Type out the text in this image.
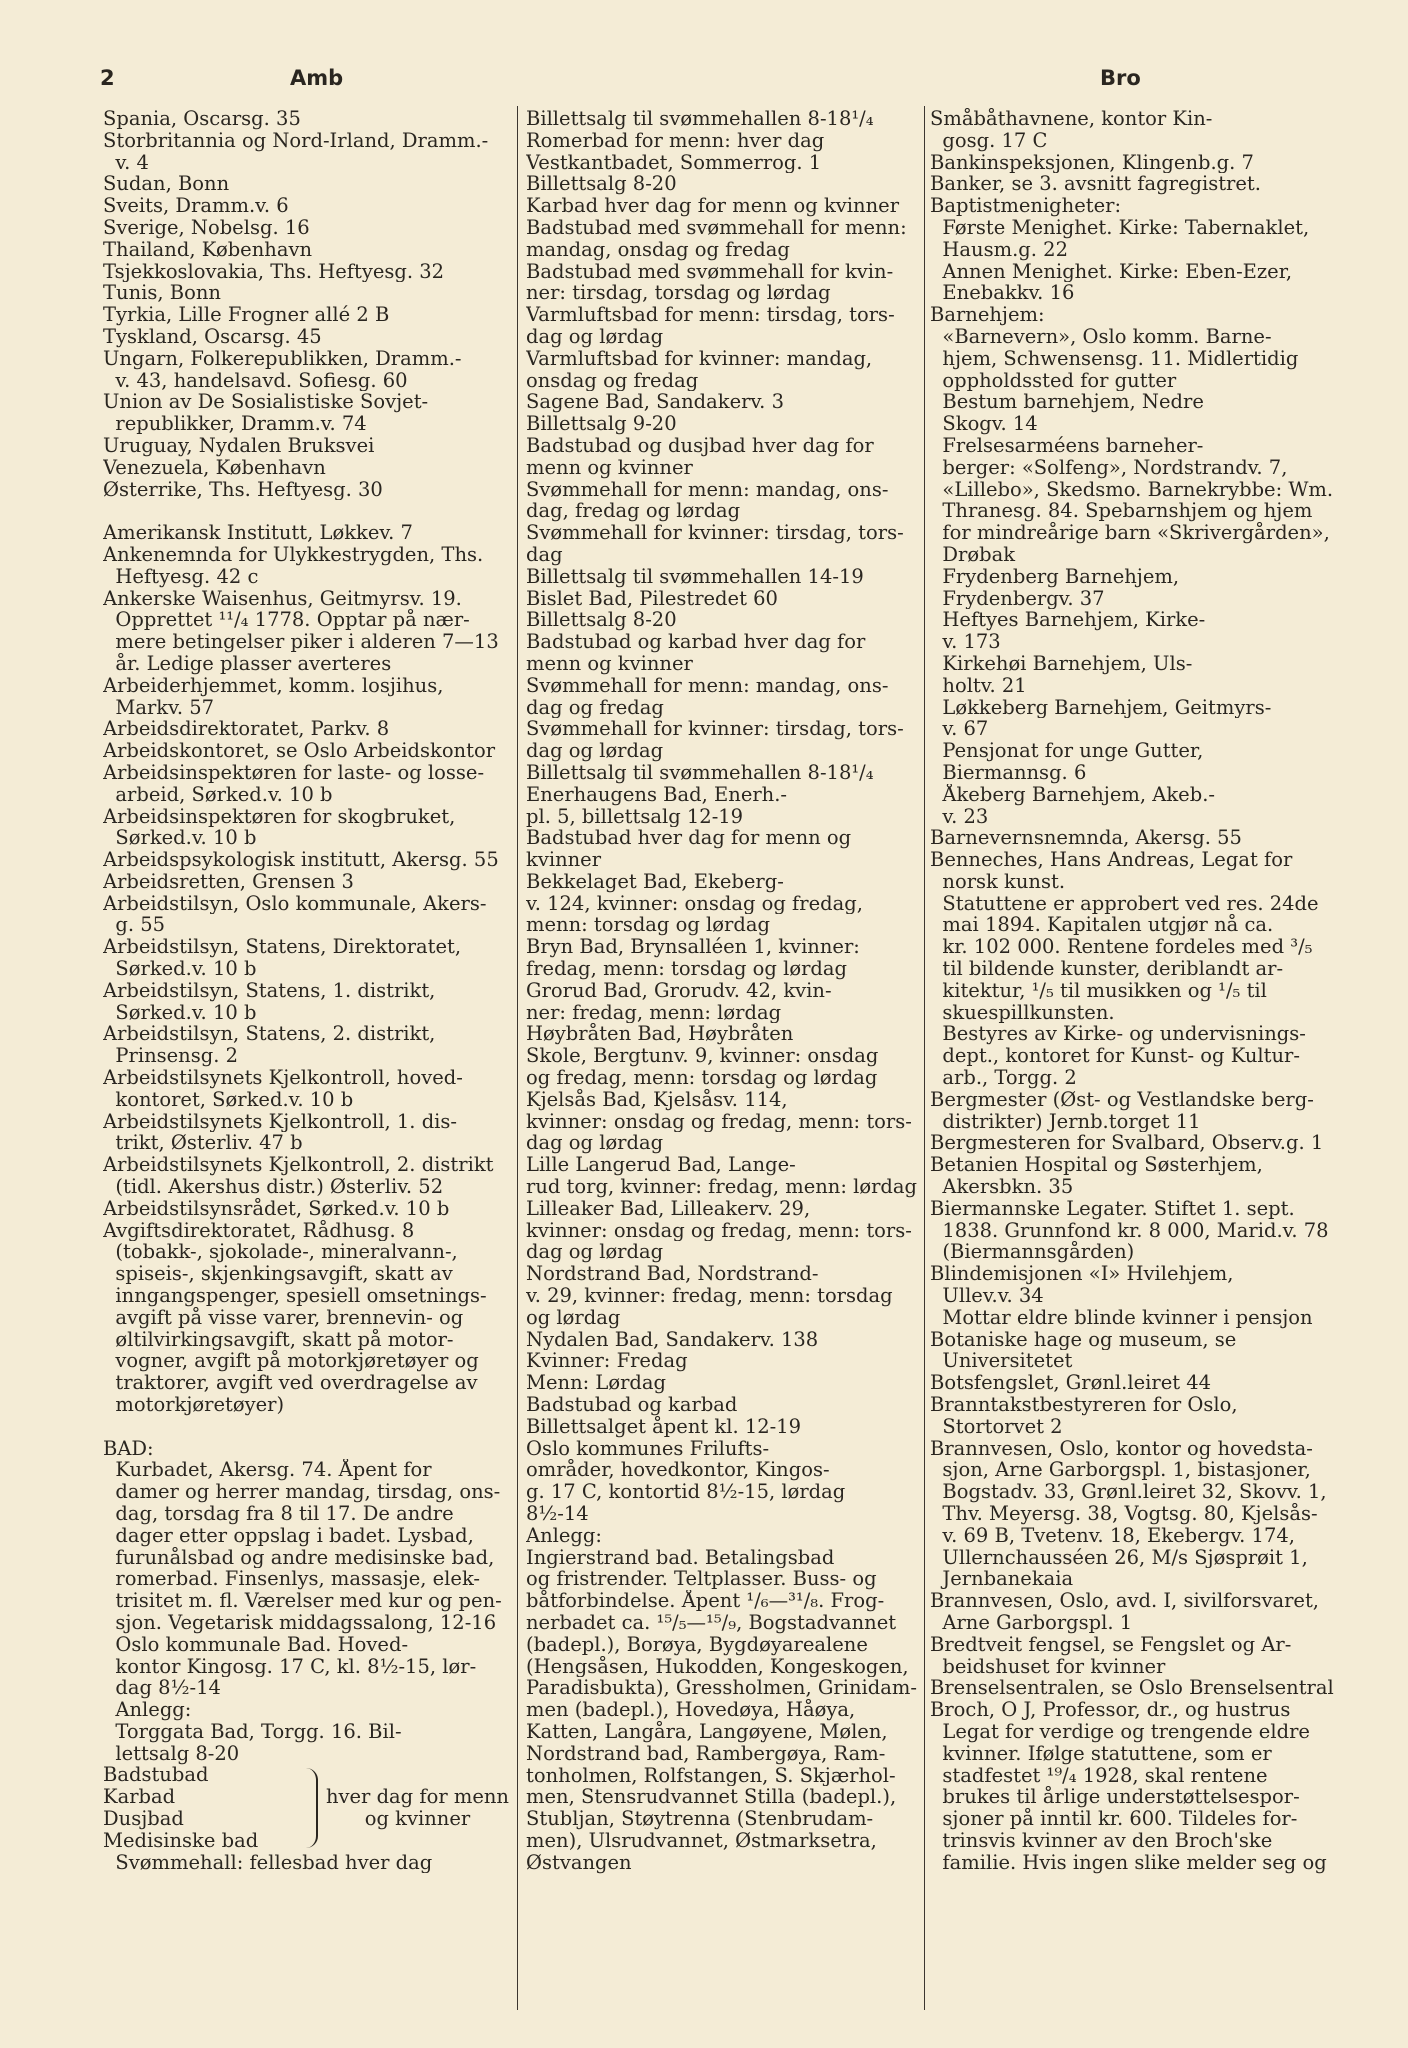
2	Amb	Bro
Spania, Oscarsg. 35
Storbritannia og Nord-Irland, Dramm.-
v. 4
Sudan, Bonn
Sveits, Dramm.v. 6
Sverige, Nobelsg. 16
Thailand, København
Tsjekkoslovakia, Ths. Heftyesg. 32
Tunis, Bonn
Tyrkia, Lille Frogner allé 2 B
Tyskland, Oscarsg. 45
Ungarn, Folkerepublikken, Dramm.-
v. 43, handelsavd. Sofiesg. 60
Union av De Sosialistiske Sovjet-
republikker, Dramm.v. 74
Uruguay, Nydalen Bruksvei
Venezuela, København
Østerrike, Ths. Heftyesg. 30
Amerikansk Institutt, Løkkev. 7
Ankenemnda for Ulykkestrygden, Ths.
Heftyesg. 42 c
Ankerske Waisenhus, Geitmyrsv. 19.
Opprettet ¹¹/₄ 1778. Opptar på nær-
mere betingelser piker i alderen 7—13
år. Ledige plasser averteres
Arbeiderhjemmet, komm. losjihus,
Markv. 57
Arbeidsdirektoratet, Parkv. 8
Arbeidskontoret, se Oslo Arbeidskontor
Arbeidsinspektøren for laste- og losse-
arbeid, Sørked.v. 10 b
Arbeidsinspektøren for skogbruket,
Sørked.v. 10 b
Arbeidspsykologisk institutt, Akersg. 55
Arbeidsretten, Grensen 3
Arbeidstilsyn, Oslo kommunale, Akers-
g. 55
Arbeidstilsyn, Statens, Direktoratet,
Sørked.v. 10 b
Arbeidstilsyn, Statens, 1. distrikt,
Sørked.v. 10 b
Arbeidstilsyn, Statens, 2. distrikt,
Prinsensg. 2
Arbeidstilsynets Kjelkontroll, hoved-
kontoret, Sørked.v. 10 b
Arbeidstilsynets Kjelkontroll, 1. dis-
trikt, Østerliv. 47 b
Arbeidstilsynets Kjelkontroll, 2. distrikt
(tidl. Akershus distr.) Østerliv. 52
Arbeidstilsynsrådet, Sørked.v. 10 b
Avgiftsdirektoratet, Rådhusg. 8
(tobakk-, sjokolade-, mineralvann-,
spiseis-, skjenkingsavgift, skatt av
inngangspenger, spesiell omsetnings-
avgift på visse varer, brennevin- og
øltilvirkingsavgift, skatt på motor-
vogner, avgift på motorkjøretøyer og
traktorer, avgift ved overdragelse av
motorkjøretøyer)
BAD:
Kurbadet, Akersg. 74. Åpent for
damer og herrer mandag, tirsdag, ons-
dag, torsdag fra 8 til 17. De andre
dager etter oppslag i badet. Lysbad,
furunålsbad og andre medisinske bad,
romerbad. Finsenlys, massasje, elek-
trisitet m. fl. Værelser med kur og pen-
sjon. Vegetarisk middagssalong, 12-16
Oslo kommunale Bad. Hoved-
kontor Kingosg. 17 C, kl. 8½-15, lør-
dag 8½-14
Anlegg:
Torggata Bad, Torgg. 16. Bil-
lettsalg 8-20
Badstubad
Karbad
Dusjbad
Medisinske bad
hver dag for menn
og kvinner
Svømmehall: fellesbad hver dag
Billettsalg til svømmehallen 8-18¹/₄
Romerbad for menn: hver dag
Vestkantbadet, Sommerrog. 1
Billettsalg 8-20
Karbad hver dag for menn og kvinner
Badstubad med svømmehall for menn:
mandag, onsdag og fredag
Badstubad med svømmehall for kvin-
ner: tirsdag, torsdag og lørdag
Varmluftsbad for menn: tirsdag, tors-
dag og lørdag
Varmluftsbad for kvinner: mandag,
onsdag og fredag
Sagene Bad, Sandakerv. 3
Billettsalg 9-20
Badstubad og dusjbad hver dag for
menn og kvinner
Svømmehall for menn: mandag, ons-
dag, fredag og lørdag
Svømmehall for kvinner: tirsdag, tors-
dag
Billettsalg til svømmehallen 14-19
Bislet Bad, Pilestredet 60
Billettsalg 8-20
Badstubad og karbad hver dag for
menn og kvinner
Svømmehall for menn: mandag, ons-
dag og fredag
Svømmehall for kvinner: tirsdag, tors-
dag og lørdag
Billettsalg til svømmehallen 8-18¹/₄
Enerhaugens Bad, Enerh.-
pl. 5, billettsalg 12-19
Badstubad hver dag for menn og
kvinner
Bekkelaget Bad, Ekeberg-
v. 124, kvinner: onsdag og fredag,
menn: torsdag og lørdag
Bryn Bad, Brynsalléen 1, kvinner:
fredag, menn: torsdag og lørdag
Grorud Bad, Grorudv. 42, kvin-
ner: fredag, menn: lørdag
Høybråten Bad, Høybråten
Skole, Bergtunv. 9, kvinner: onsdag
og fredag, menn: torsdag og lørdag
Kjelsås Bad, Kjelsåsv. 114,
kvinner: onsdag og fredag, menn: tors-
dag og lørdag
Lille Langerud Bad, Lange-
rud torg, kvinner: fredag, menn: lørdag
Lilleaker Bad, Lilleakerv. 29,
kvinner: onsdag og fredag, menn: tors-
dag og lørdag
Nordstrand Bad, Nordstrand-
v. 29, kvinner: fredag, menn: torsdag
og lørdag
Nydalen Bad, Sandakerv. 138
Kvinner: Fredag
Menn: Lørdag
Badstubad og karbad
Billettsalget åpent kl. 12-19
Oslo kommunes Frilufts-
områder, hovedkontor, Kingos-
g. 17 C, kontortid 8½-15, lørdag
8½-14
Anlegg:
Ingierstrand bad. Betalingsbad
og fristrender. Teltplasser. Buss- og
båtforbindelse. Åpent ¹/₆—³¹/₈. Frog-
nerbadet ca. ¹⁵/₅—¹⁵/₉, Bogstadvannet
(badepl.), Borøya, Bygdøyarealene
(Hengsåsen, Hukodden, Kongeskogen,
Paradisbukta), Gressholmen, Grinidam-
men (badepl.), Hovedøya, Håøya,
Katten, Langåra, Langøyene, Mølen,
Nordstrand bad, Rambergøya, Ram-
tonholmen, Rolfstangen, S. Skjærhol-
men, Stensrudvannet Stilla (badepl.),
Stubljan, Støytrenna (Stenbrudam-
men), Ulsrudvannet, Østmarksetra,
Østvangen
Småbåthavnene, kontor Kin-
gosg. 17 C
Bankinspeksjonen, Klingenb.g. 7
Banker, se 3. avsnitt fagregistret.
Baptistmenigheter:
Første Menighet. Kirke: Tabernaklet,
Hausm.g. 22
Annen Menighet. Kirke: Eben-Ezer,
Enebakkv. 16
Barnehjem:
«Barnevern», Oslo komm. Barne-
hjem, Schwensensg. 11. Midlertidig
oppholdssted for gutter
Bestum barnehjem, Nedre
Skogv. 14
Frelsesarméens barneher-
berger: «Solfeng», Nordstrandv. 7,
«Lillebo», Skedsmo. Barnekrybbe: Wm.
Thranesg. 84. Spebarnshjem og hjem
for mindreårige barn «Skrivergården»,
Drøbak
Frydenberg Barnehjem,
Frydenbergv. 37
Heftyes Barnehjem, Kirke-
v. 173
Kirkehøi Barnehjem, Uls-
holtv. 21
Løkkeberg Barnehjem, Geitmyrs-
v. 67
Pensjonat for unge Gutter,
Biermannsg. 6
Åkeberg Barnehjem, Akeb.-
v. 23
Barnevernsnemnda, Akersg. 55
Benneches, Hans Andreas, Legat for
norsk kunst.
Statuttene er approbert ved res. 24de
mai 1894. Kapitalen utgjør nå ca.
kr. 102 000. Rentene fordeles med ³/₅
til bildende kunster, deriblandt ar-
kitektur, ¹/₅ til musikken og ¹/₅ til
skuespillkunsten.
Bestyres av Kirke- og undervisnings-
dept., kontoret for Kunst- og Kultur-
arb., Torgg. 2
Bergmester (Øst- og Vestlandske berg-
distrikter) Jernb.torget 11
Bergmesteren for Svalbard, Observ.g. 1
Betanien Hospital og Søsterhjem,
Akersbkn. 35
Biermannske Legater. Stiftet 1. sept.
1838. Grunnfond kr. 8 000, Marid.v. 78
(Biermannsgården)
Blindemisjonen «I» Hvilehjem,
Ullev.v. 34
Mottar eldre blinde kvinner i pensjon
Botaniske hage og museum, se
Universitetet
Botsfengslet, Grønl.leiret 44
Branntakstbestyreren for Oslo,
Stortorvet 2
Brannvesen, Oslo, kontor og hovedsta-
sjon, Arne Garborgspl. 1, bistasjoner,
Bogstadv. 33, Grønl.leiret 32, Skovv. 1,
Thv. Meyersg. 38, Vogtsg. 80, Kjelsås-
v. 69 B, Tvetenv. 18, Ekebergv. 174,
Ullernchausséen 26, M/s Sjøsprøit 1,
Jernbanekaia
Brannvesen, Oslo, avd. I, sivilforsvaret,
Arne Garborgspl. 1
Bredtveit fengsel, se Fengslet og Ar-
beidshuset for kvinner
Brenselsentralen, se Oslo Brenselsentral
Broch, O J, Professor, dr., og hustrus
Legat for verdige og trengende eldre
kvinner. Ifølge statuttene, som er
stadfestet ¹⁹/₄ 1928, skal rentene
brukes til årlige understøttelsespor-
sjoner på inntil kr. 600. Tildeles for-
trinsvis kvinner av den Broch'ske
familie. Hvis ingen slike melder seg og
